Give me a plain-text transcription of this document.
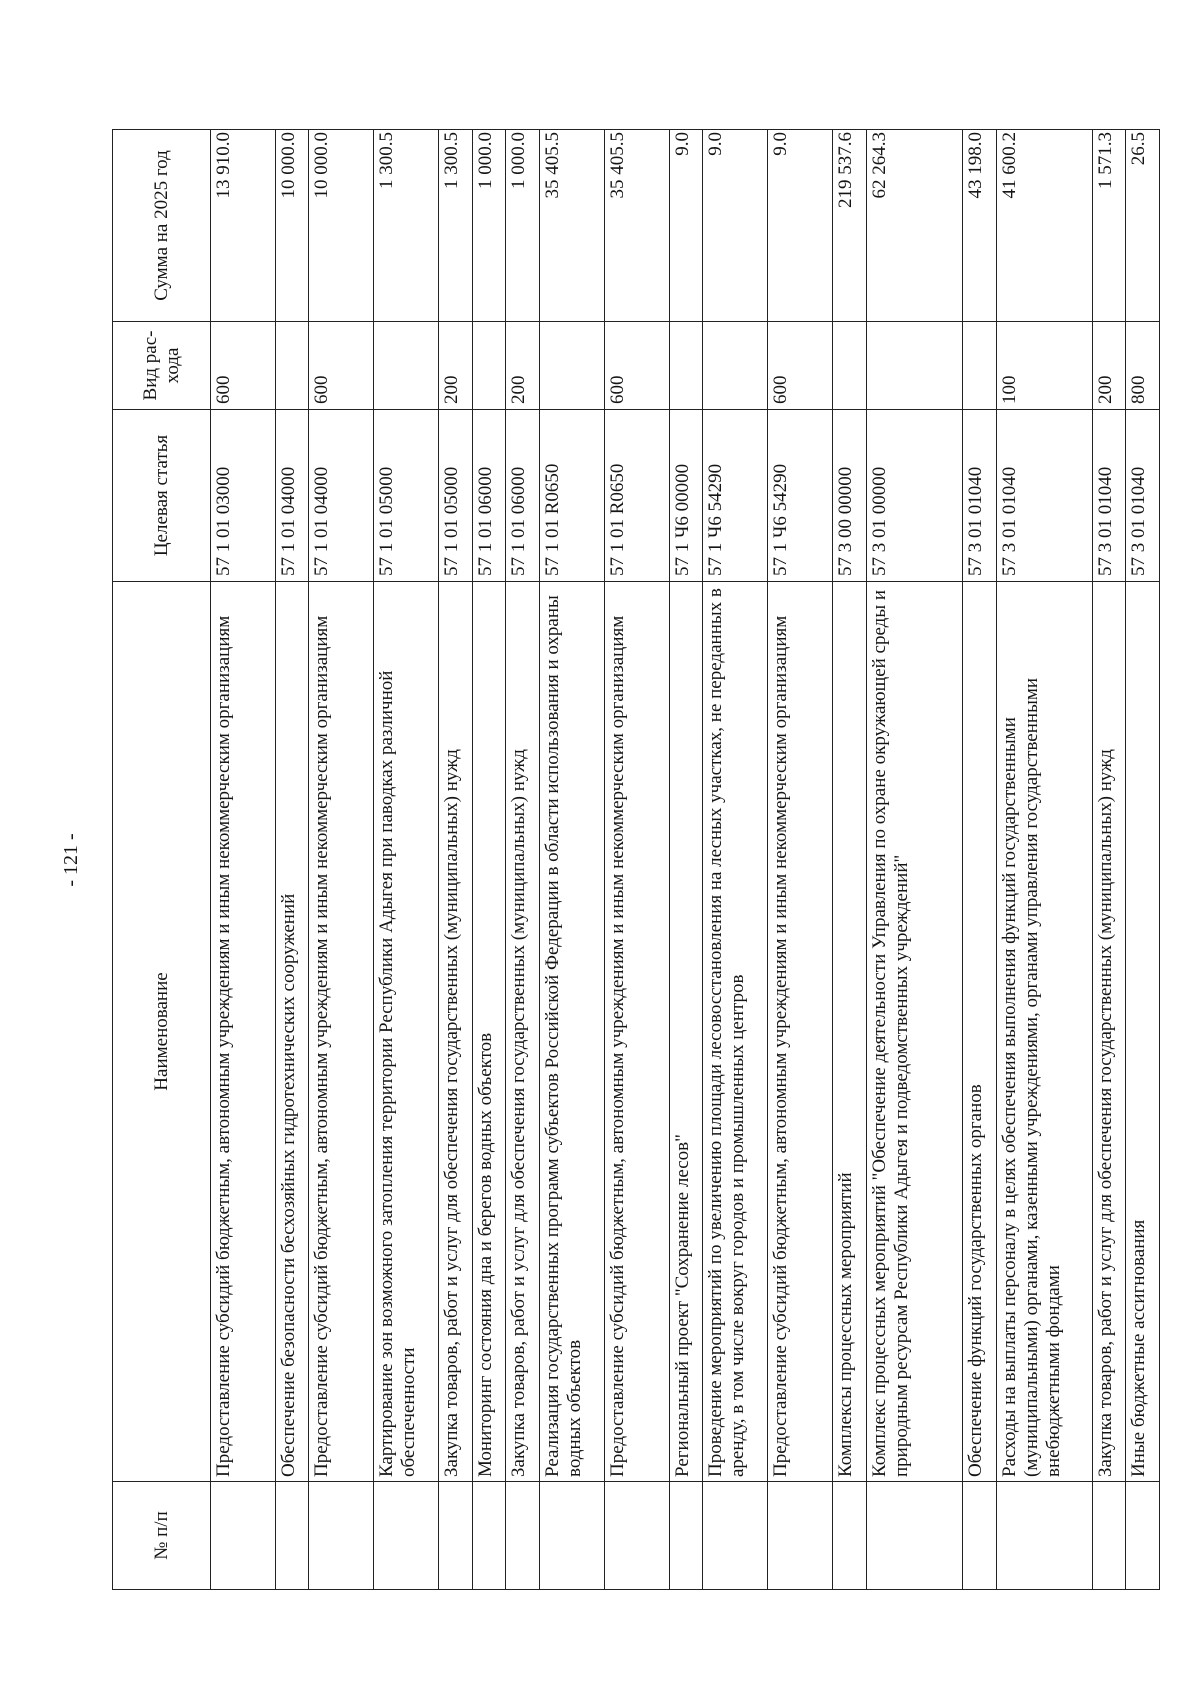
- 121 -
№ п/п	Наименование	Целевая статья	Вид рас- хода	Сумма на 2025 год
	Предоставление субсидий бюджетным, автономным учреждениям и иным некоммерческим организациям	57 1 01 03000	600	13 910.0
	Обеспечение безопасности бесхозяйных гидротехнических сооружений	57 1 01 04000		10 000.0
	Предоставление субсидий бюджетным, автономным учреждениям и иным некоммерческим организациям	57 1 01 04000	600	10 000.0
	Картирование зон возможного затопления территории Республики Адыгея при паводках различной обеспеченности	57 1 01 05000		1 300.5
	Закупка товаров, работ и услуг для обеспечения государственных (муниципальных) нужд	57 1 01 05000	200	1 300.5
	Мониторинг состояния дна и берегов водных объектов	57 1 01 06000		1 000.0
	Закупка товаров, работ и услуг для обеспечения государственных (муниципальных) нужд	57 1 01 06000	200	1 000.0
	Реализация государственных программ субъектов Российской Федерации в области использования и охраны водных объектов	57 1 01 R0650		35 405.5
	Предоставление субсидий бюджетным, автономным учреждениям и иным некоммерческим организациям	57 1 01 R0650	600	35 405.5
	Региональный проект "Сохранение лесов"	57 1 Ч6 00000		9.0
	Проведение мероприятий по увеличению площади лесовосстановления на лесных участках, не переданных в аренду, в том числе вокруг городов и промышленных центров	57 1 Ч6 54290		9.0
	Предоставление субсидий бюджетным, автономным учреждениям и иным некоммерческим организациям	57 1 Ч6 54290	600	9.0
	Комплексы процессных мероприятий	57 3 00 00000		219 537.6
	Комплекс процессных мероприятий "Обеспечение деятельности Управления по охране окружающей среды и природным ресурсам Республики Адыгея и подведомственных учреждений"	57 3 01 00000		62 264.3
	Обеспечение функций государственных органов	57 3 01 01040		43 198.0
	Расходы на выплаты персоналу в целях обеспечения выполнения функций государственными (муниципальными) органами, казенными учреждениями, органами управления государственными внебюджетными фондами	57 3 01 01040	100	41 600.2
	Закупка товаров, работ и услуг для обеспечения государственных (муниципальных) нужд	57 3 01 01040	200	1 571.3
	Иные бюджетные ассигнования	57 3 01 01040	800	26.5
